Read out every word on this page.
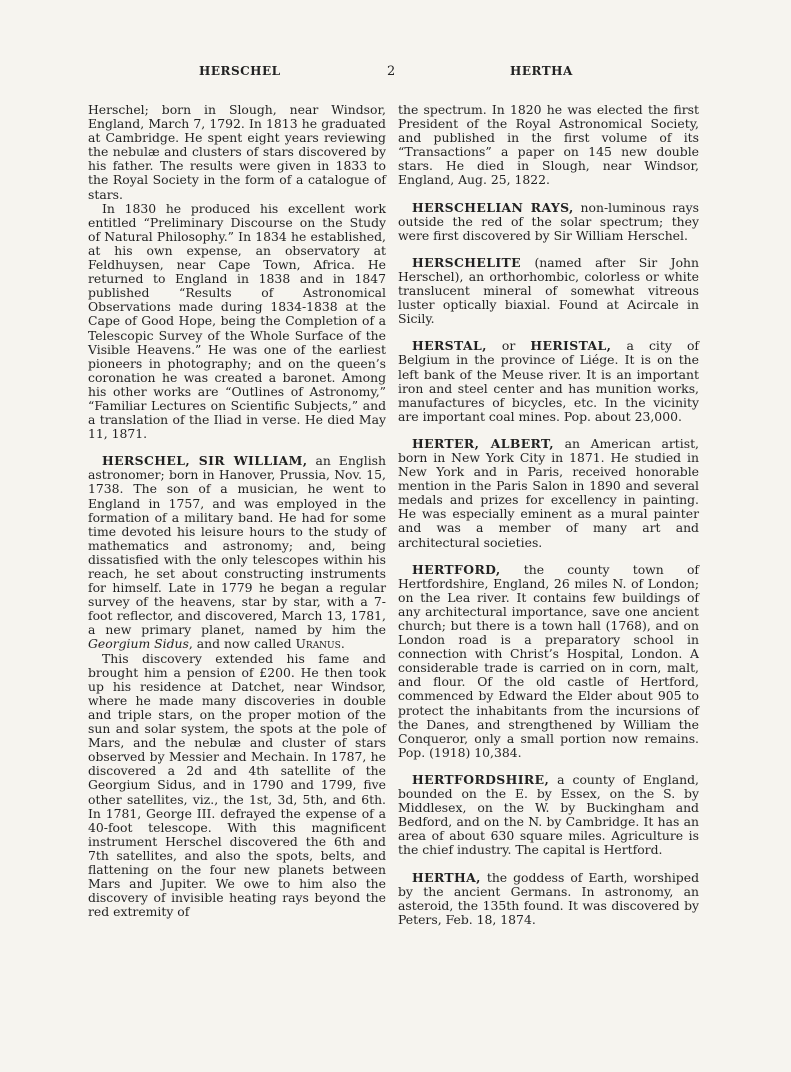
HERSCHEL	2	HERTHA

Herschel; born in Slough, near Windsor, England, March 7, 1792. In 1813 he graduated at Cambridge. He spent eight years reviewing the nebulæ and clusters of stars discovered by his father. The results were given in 1833 to the Royal Society in the form of a catalogue of stars.

In 1830 he produced his excellent work entitled “Preliminary Discourse on the Study of Natural Philosophy.” In 1834 he established, at his own expense, an observatory at Feldhuysen, near Cape Town, Africa. He returned to England in 1838 and in 1847 published “Results of Astronomical Observations made during 1834-1838 at the Cape of Good Hope, being the Completion of a Telescopic Survey of the Whole Surface of the Visible Heavens.” He was one of the earliest pioneers in photography; and on the queen’s coronation he was created a baronet. Among his other works are “Outlines of Astronomy,” “Familiar Lectures on Scientific Subjects,” and a translation of the Iliad in verse. He died May 11, 1871.

HERSCHEL, SIR WILLIAM, an English astronomer; born in Hanover, Prussia, Nov. 15, 1738. The son of a musician, he went to England in 1757, and was employed in the formation of a military band. He had for some time devoted his leisure hours to the study of mathematics and astronomy; and, being dissatisfied with the only telescopes within his reach, he set about constructing instruments for himself. Late in 1779 he began a regular survey of the heavens, star by star, with a 7-foot reflector, and discovered, March 13, 1781, a new primary planet, named by him the Georgium Sidus, and now called Uranus.

This discovery extended his fame and brought him a pension of £200. He then took up his residence at Datchet, near Windsor, where he made many discoveries in double and triple stars, on the proper motion of the sun and solar system, the spots at the pole of Mars, and the nebulæ and cluster of stars observed by Messier and Mechain. In 1787, he discovered a 2d and 4th satellite of the Georgium Sidus, and in 1790 and 1799, five other satellites, viz., the 1st, 3d, 5th, and 6th. In 1781, George III. defrayed the expense of a 40-foot telescope. With this magnificent instrument Herschel discovered the 6th and 7th satellites, and also the spots, belts, and flattening on the four new planets between Mars and Jupiter. We owe to him also the discovery of invisible heating rays beyond the red extremity of

the spectrum. In 1820 he was elected the first President of the Royal Astronomical Society, and published in the first volume of its “Transactions” a paper on 145 new double stars. He died in Slough, near Windsor, England, Aug. 25, 1822.

HERSCHELIAN RAYS, non-luminous rays outside the red of the solar spectrum; they were first discovered by Sir William Herschel.

HERSCHELITE (named after Sir John Herschel), an orthorhombic, colorless or white translucent mineral of somewhat vitreous luster optically biaxial. Found at Acircale in Sicily.

HERSTAL, or HERISTAL, a city of Belgium in the province of Liége. It is on the left bank of the Meuse river. It is an important iron and steel center and has munition works, manufactures of bicycles, etc. In the vicinity are important coal mines. Pop. about 23,000.

HERTER, ALBERT, an American artist, born in New York City in 1871. He studied in New York and in Paris, received honorable mention in the Paris Salon in 1890 and several medals and prizes for excellency in painting. He was especially eminent as a mural painter and was a member of many art and architectural societies.

HERTFORD, the county town of Hertfordshire, England, 26 miles N. of London; on the Lea river. It contains few buildings of any architectural importance, save one ancient church; but there is a town hall (1768), and on London road is a preparatory school in connection with Christ’s Hospital, London. A considerable trade is carried on in corn, malt, and flour. Of the old castle of Hertford, commenced by Edward the Elder about 905 to protect the inhabitants from the incursions of the Danes, and strengthened by William the Conqueror, only a small portion now remains. Pop. (1918) 10,384.

HERTFORDSHIRE, a county of England, bounded on the E. by Essex, on the S. by Middlesex, on the W. by Buckingham and Bedford, and on the N. by Cambridge. It has an area of about 630 square miles. Agriculture is the chief industry. The capital is Hertford.

HERTHA, the goddess of Earth, worshiped by the ancient Germans. In astronomy, an asteroid, the 135th found. It was discovered by Peters, Feb. 18, 1874.
